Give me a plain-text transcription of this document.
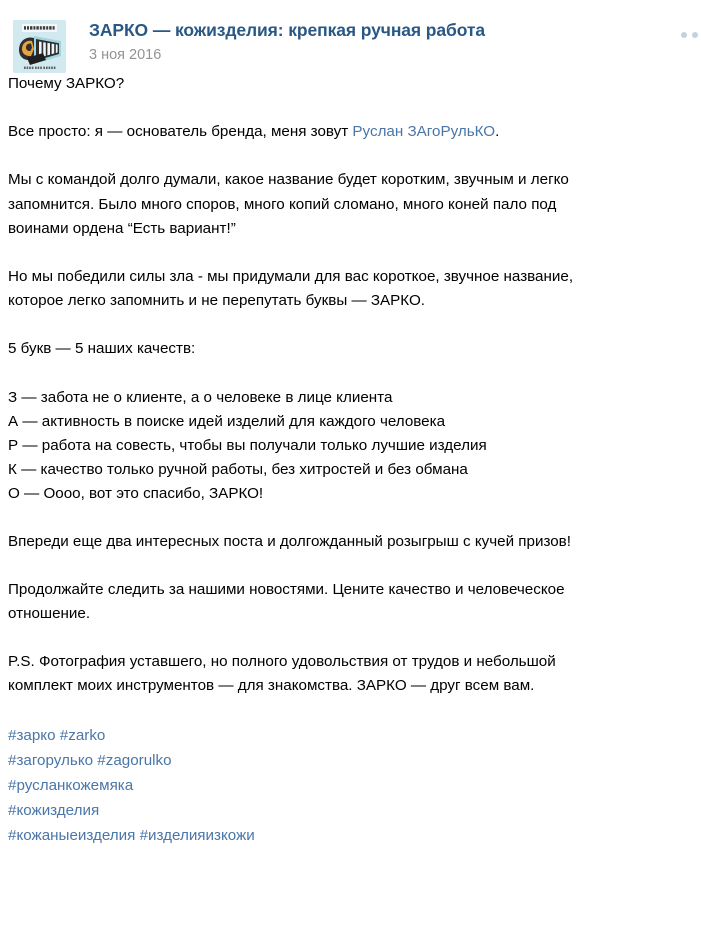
ЗАРКО — кожизделия: крепкая ручная работа
3 ноя 2016

Почему ЗАРКО?

Все просто: я — основатель бренда, меня зовут Руслан ЗАгоРульКО.

Мы с командой долго думали, какое название будет коротким, звучным и легко

запомнится. Было много споров, много копий сломано, много коней пало под

воинами ордена “Есть вариант!”

Но мы победили силы зла - мы придумали для вас короткое, звучное название,

которое легко запомнить и не перепутать буквы — ЗАРКО.

5 букв — 5 наших качеств:

З — забота не о клиенте, а о человеке в лице клиента

А — активность в поиске идей изделий для каждого человека

Р — работа на совесть, чтобы вы получали только лучшие изделия

К — качество только ручной работы, без хитростей и без обмана

О — Оооо, вот это спасибо, ЗАРКО!

Впереди еще два интересных поста и долгожданный розыгрыш с кучей призов!

Продолжайте следить за нашими новостями. Цените качество и человеческое

отношение.

P.S. Фотография уставшего, но полного удовольствия от трудов и небольшой

комплект моих инструментов — для знакомства. ЗАРКО — друг всем вам.

#зарко #zarko

#загорулько #zagorulko

#русланкожемяка

#кожизделия

#кожаныеизделия #изделияизкожи
